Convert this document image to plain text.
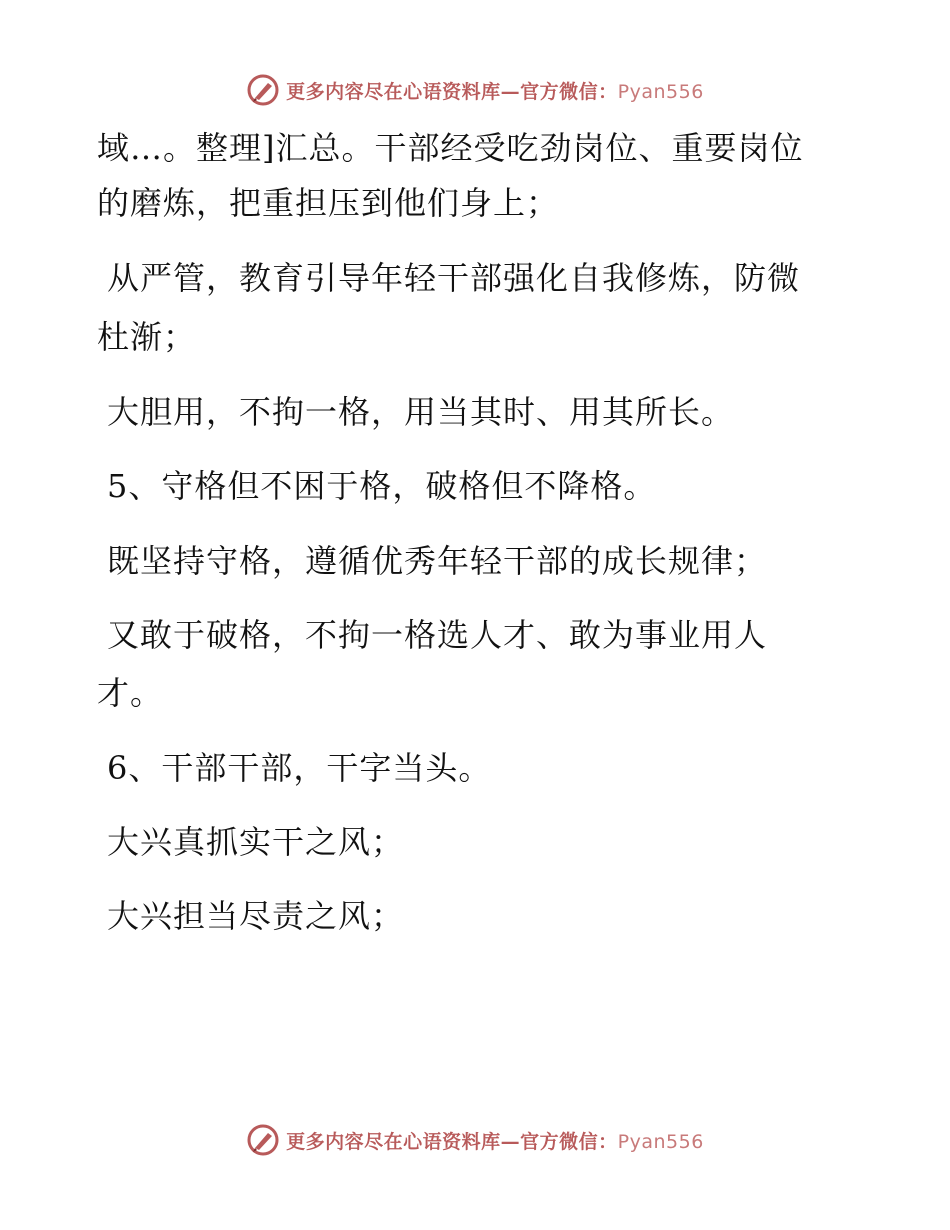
更多内容尽在心语资料库—官方微信：Pyan556
域…。整理]汇总。干部经受吃劲岗位、重要岗位
的磨炼，把重担压到他们身上；
从严管，教育引导年轻干部强化自我修炼，防微
杜渐；
大胆用，不拘一格，用当其时、用其所长。
5、守格但不困于格，破格但不降格。
既坚持守格，遵循优秀年轻干部的成长规律；
又敢于破格，不拘一格选人才、敢为事业用人
才。
6、干部干部，干字当头。
大兴真抓实干之风；
大兴担当尽责之风；
更多内容尽在心语资料库—官方微信：Pyan556
